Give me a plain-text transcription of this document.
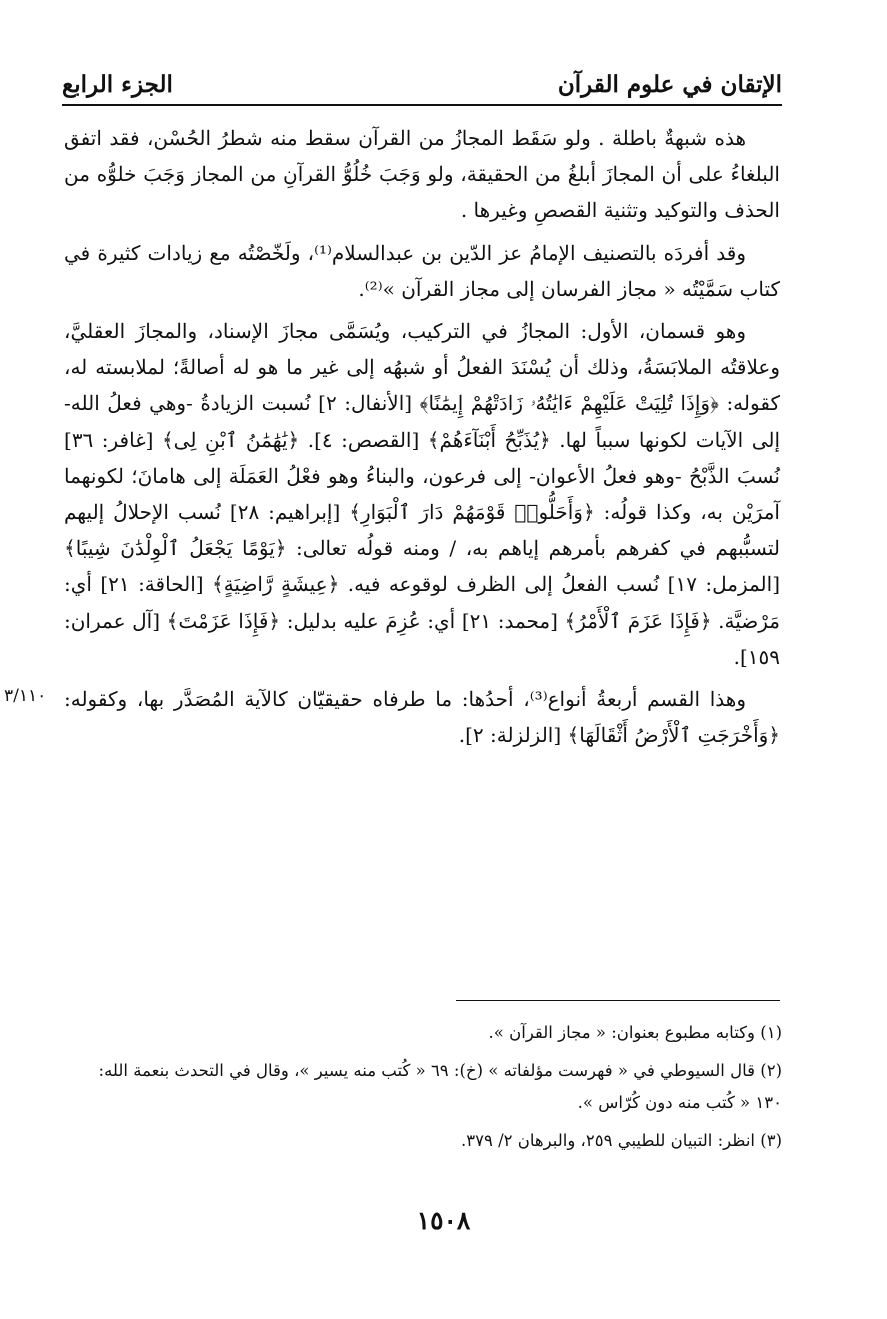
الإتقان في علوم القرآن
الجزء الرابع

هذه شبهةٌ باطلة . ولو سَقَط المجازُ من القرآن سقط منه شطرُ الحُسْن، فقد اتفق البلغاءُ على أن المجازَ أبلغُ من الحقيقة، ولو وَجَبَ خُلُوُّ القرآنِ من المجاز وَجَبَ خلوُّه من الحذف والتوكيد وتثنية القصصِ وغيرها .

وقد أفردَه بالتصنيف الإمامُ عز الدّين بن عبدالسلام⁽¹⁾، ولَخّصْتُه مع زيادات كثيرة في كتاب سَمَّيْتُه « مجاز الفرسان إلى مجاز القرآن »⁽²⁾.

وهو قسمان، الأول: المجازُ في التركيب، ويُسَمَّى مجازَ الإسناد، والمجازَ العقليَّ، وعلاقتُه الملابَسَةُ، وذلك أن يُسْنَدَ الفعلُ أو شبهُه إلى غير ما هو له أصالةً؛ لملابسته له، كقوله: ﴿وَإِذَا تُلِيَتْ عَلَيْهِمْ ءَايَٰتُهُۥ زَادَتْهُمْ إِيمَٰنًا﴾ [الأنفال: ٢] نُسبت الزيادةُ -وهي فعلُ الله- إلى الآيات لكونها سبباً لها. ﴿يُذَبِّحُ أَبْنَآءَهُمْ﴾ [القصص: ٤]. ﴿يَٰهَٰمَٰنُ ٱبْنِ لِى﴾ [غافر: ٣٦] نُسبَ الذَّبْحُ -وهو فعلُ الأعوان- إلى فرعون، والبناءُ وهو فعْلُ العَمَلَة إلى هامانَ؛ لكونهما آمرَيْن به، وكذا قولُه: ﴿وَأَحَلُّوا۟ قَوْمَهُمْ دَارَ ٱلْبَوَارِ﴾ [إبراهيم: ٢٨] نُسب الإحلالُ إليهم لتسبُّبهم في كفرهم بأمرهم إياهم به، / ومنه قولُه تعالى: ﴿يَوْمًا يَجْعَلُ ٱلْوِلْدَٰنَ شِيبًا﴾ [المزمل: ١٧] نُسب الفعلُ إلى الظرف لوقوعه فيه. ﴿عِيشَةٍ رَّاضِيَةٍ﴾ [الحاقة: ٢١] أي: مَرْضيَّة. ﴿فَإِذَا عَزَمَ ٱلْأَمْرُ﴾ [محمد: ٢١] أي: عُزِمَ عليه بدليل: ﴿فَإِذَا عَزَمْتَ﴾ [آل عمران: ١٥٩].

وهذا القسم أربعةُ أنواع⁽³⁾، أحدُها: ما طرفاه حقيقيّان كالآية المُصَدَّر بها، وكقوله: ﴿وَأَخْرَجَتِ ٱلْأَرْضُ أَثْقَالَهَا﴾ [الزلزلة: ٢].

٣/١١٠

(١) وكتابه مطبوع بعنوان: « مجاز القرآن ».

(٢) قال السيوطي في « فهرست مؤلفاته » (خ): ٦٩ « كُتب منه يسير »، وقال في التحدث بنعمة الله: ١٣٠ « كُتب منه دون كُرّاس ».

(٣) انظر: التبيان للطيبي ٢٥٩، والبرهان ٢/ ٣٧٩.

١٥٠٨
